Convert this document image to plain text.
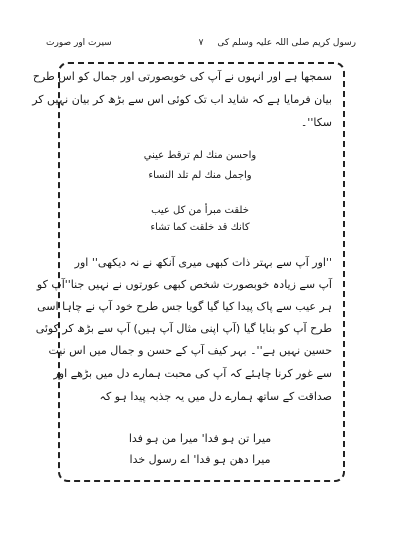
رسول کریم صلی اللہ علیہ وسلم کی
۷
سیرت اور صورت
سمجھا ہے اور انہوں نے آپ کی خوبصورتی اور جمال کو اس طرح
بیان فرمایا ہے کہ شاید اب تک کوئی اس سے بڑھ کر بیان نہیں کر
سکا''۔
واحسن منك لم ترقط عيني
واجمل منك لم تلد النساء
خلقت مبرأ من كل عيب
كانك قد خلقت كما تشاء
''اور آپ سے بہتر ذات کبھی میری آنکھ نے نہ دیکھی'' اور
آپ سے زیادہ خوبصورت شخص کبھی عورتوں نے نہیں جنا''آپ کو
ہر عیب سے پاک پیدا کیا گیا گویا جس طرح خود آپ نے چاہا اسی
طرح آپ کو بنایا گیا (آپ اپنی مثال آپ ہیں) آپ سے بڑھ کر کوئی
حسین نہیں ہے''۔ بہر کیف آپ کے حسن و جمال میں اس نیت
سے غور کرنا چاہئے کہ آپ کی محبت ہمارے دل میں بڑھے اور
صداقت کے ساتھ ہمارے دل میں یہ جذبہ پیدا ہو کہ
میرا تن ہو فدا' میرا من ہو فدا
میرا دھن ہو فدا' اے رسول خدا
